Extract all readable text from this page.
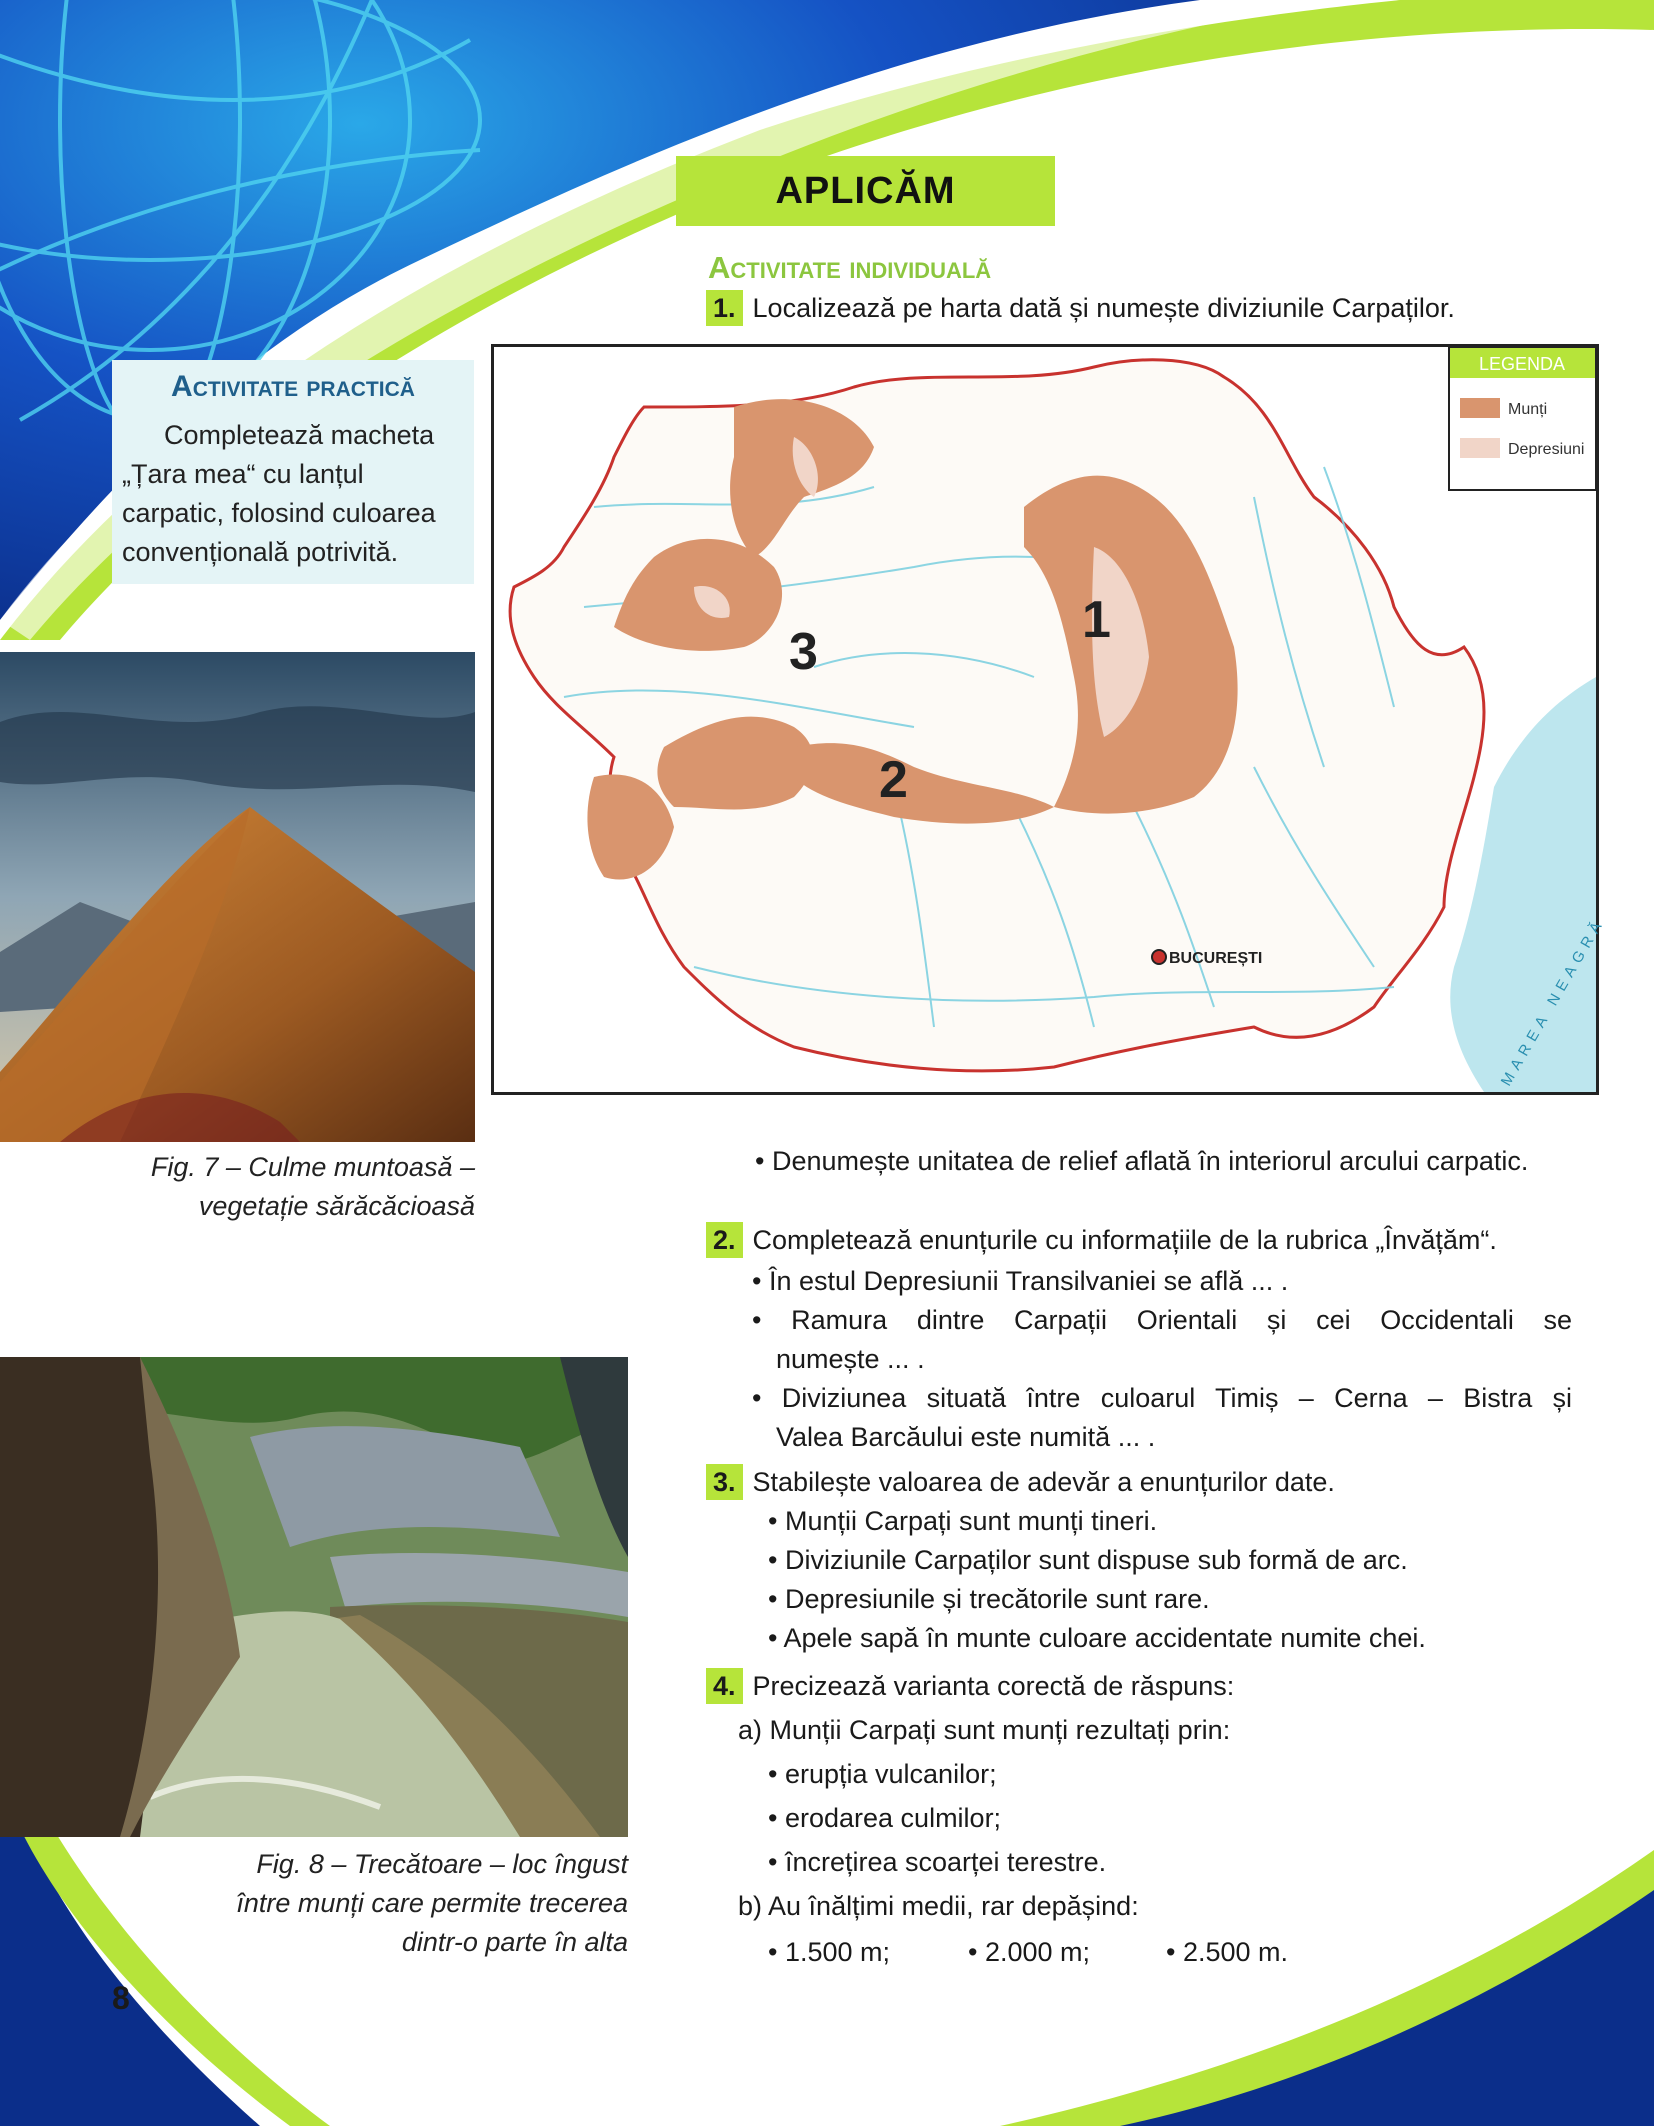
APLICĂM
Activitate individuală
1. Localizează pe harta dată și numește diviziunile Carpaților.
Activitate practică

Completează macheta

„Țara mea“ cu lanțul

carpatic, folosind culoarea

convențională potrivită.

Fig. 7 – Culme muntoasă –
vegetație sărăcăcioasă
Fig. 8 – Trecătoare – loc îngust
între munți care permite trecerea
dintr-o parte în alta
LEGENDA
Munți
Depresiuni
3
1
2
BUCUREȘTI	MAREA NEAGRĂ
• Denumește unitatea de relief aflată în interiorul arcului carpatic.
2. Completează enunțurile cu informațiile de la rubrica „Învățăm“.
• În estul Depresiunii Transilvaniei se află ... .
• Ramura dintre Carpații Orientali și cei Occidentali se
numește ... .
• Diviziunea situată între culoarul Timiș – Cerna – Bistra și
Valea Barcăului este numită ... .
3. Stabilește valoarea de adevăr a enunțurilor date.
• Munții Carpați sunt munți tineri.
• Diviziunile Carpaților sunt dispuse sub formă de arc.
• Depresiunile și trecătorile sunt rare.
• Apele sapă în munte culoare accidentate numite chei.
4. Precizează varianta corectă de răspuns:
a) Munții Carpați sunt munți rezultați prin:
• erupția vulcanilor;
• erodarea culmilor;
• încrețirea scoarței terestre.
b) Au înălțimi medii, rar depășind:
• 1.500 m;	• 2.000 m;	• 2.500 m.
8
